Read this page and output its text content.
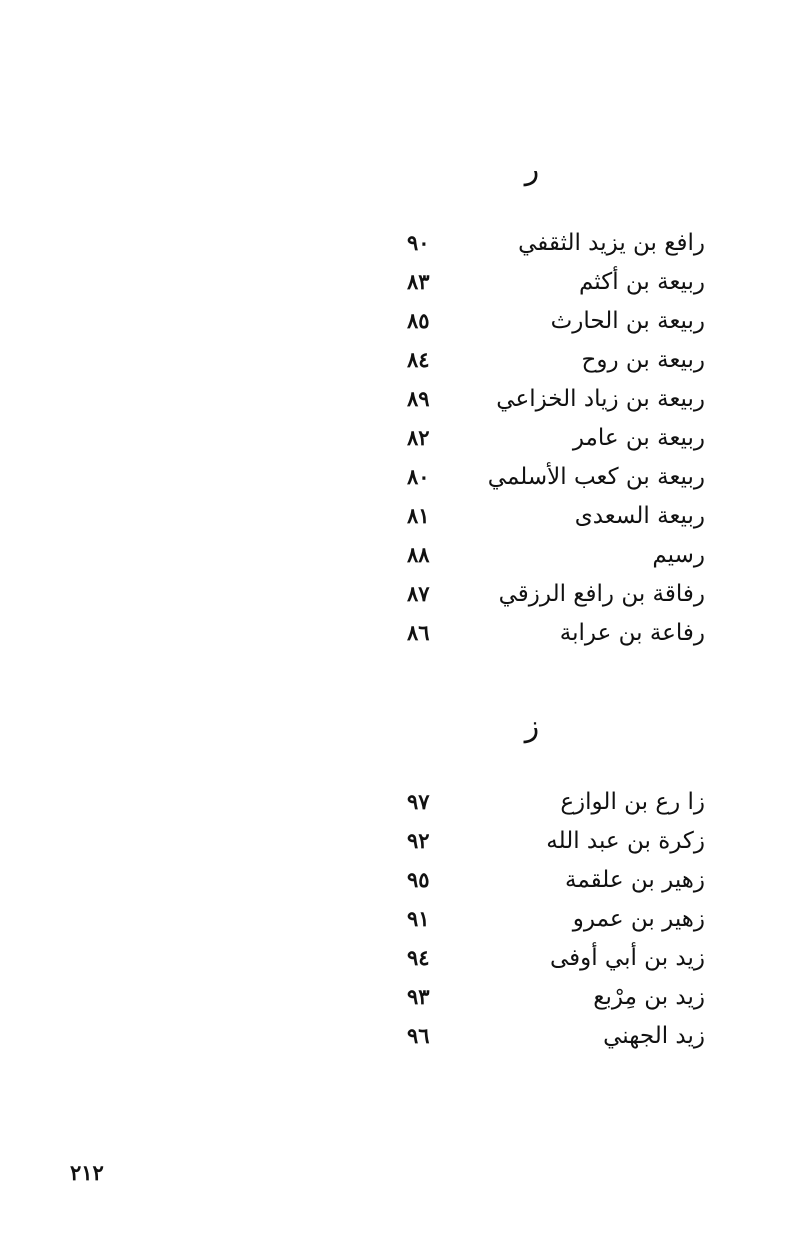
ر
رافع بن يزيد الثقفي
٩٠
ربيعة بن أكثم
٨٣
ربيعة بن الحارث
٨٥
ربيعة بن روح
٨٤
ربيعة بن زياد الخزاعي
٨٩
ربيعة بن عامر
٨٢
ربيعة بن كعب الأسلمي
٨٠
ربيعة السعدى
٨١
رسيم
٨٨
رفاقة بن رافع الرزقي
٨٧
رفاعة بن عرابة
٨٦
ز
زا رع بن الوازع
٩٧
زكرة بن عبد الله
٩٢
زهير بن علقمة
٩٥
زهير بن عمرو
٩١
زيد بن أبي أوفى
٩٤
زيد بن مِرْبع
٩٣
زيد الجهني
٩٦
٢١٢
